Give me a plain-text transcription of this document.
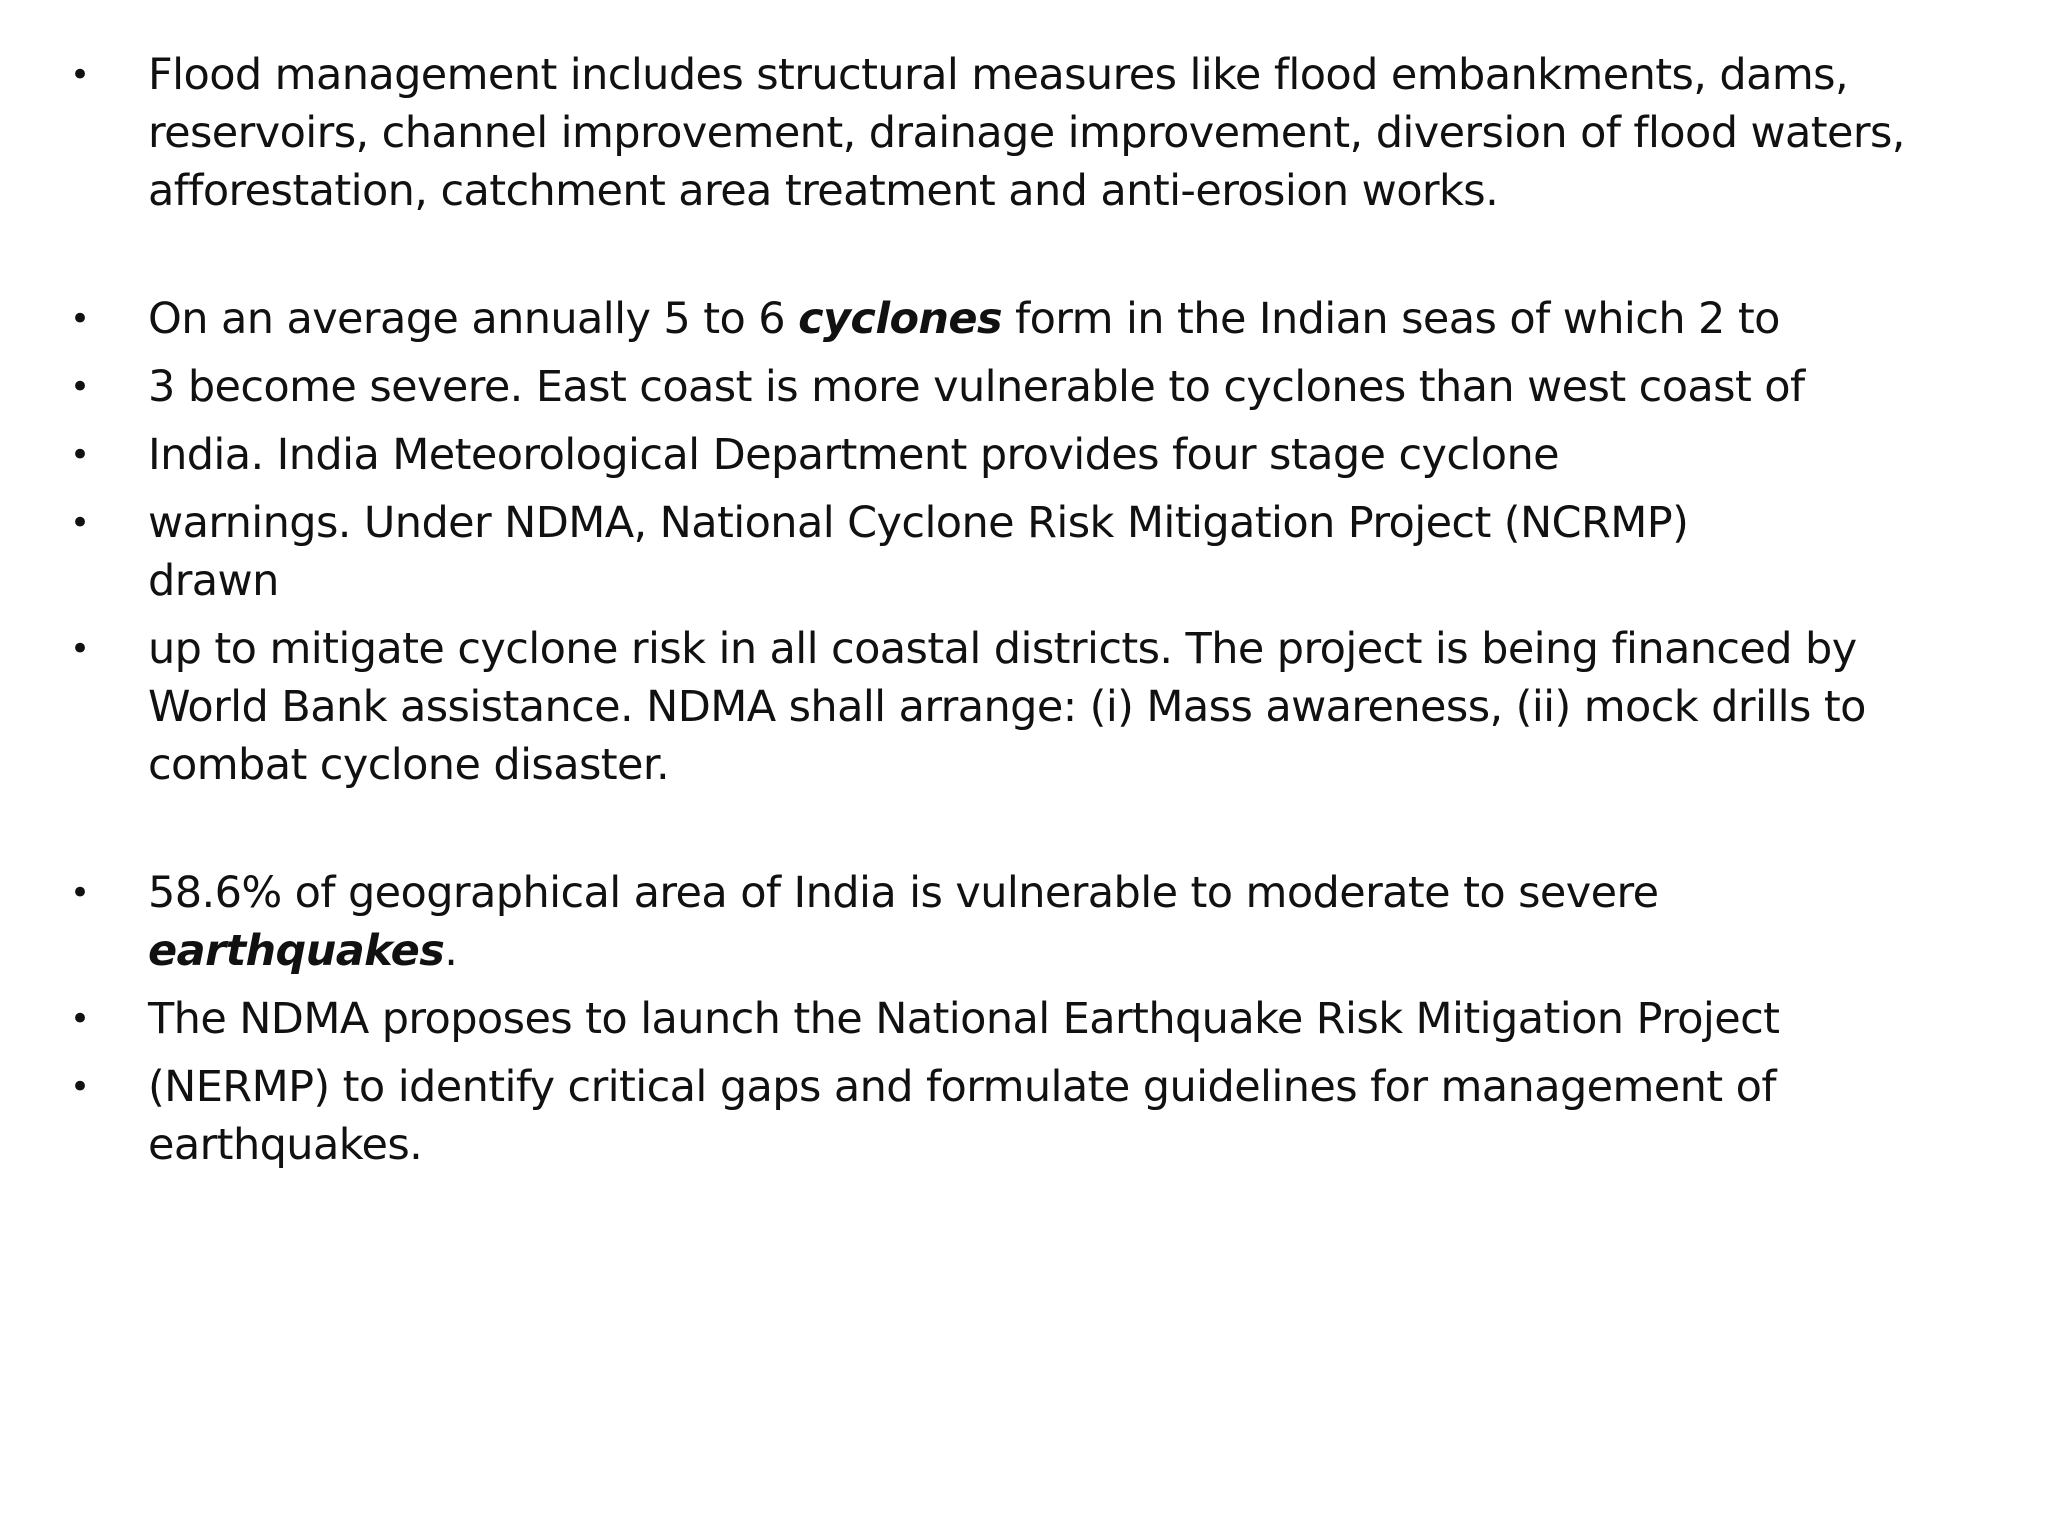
•	Flood management includes structural measures like flood embankments, dams, reservoirs, channel improvement, drainage improvement, diversion of flood waters, afforestation, catchment area treatment and anti-erosion works.
•	On an average annually 5 to 6 cyclones form in the Indian seas of which 2 to
•	3 become severe. East coast is more vulnerable to cyclones than west coast of
•	India. India Meteorological Department provides four stage cyclone
•	warnings. Under NDMA, National Cyclone Risk Mitigation Project (NCRMP)
drawn
•	up to mitigate cyclone risk in all coastal districts. The project is being financed by World Bank assistance. NDMA shall arrange: (i) Mass awareness, (ii) mock drills to combat cyclone disaster.
•	58.6% of geographical area of India is vulnerable to moderate to severe earthquakes.
•	The NDMA proposes to launch the National Earthquake Risk Mitigation Project
•	(NERMP) to identify critical gaps and formulate guidelines for management of earthquakes.
